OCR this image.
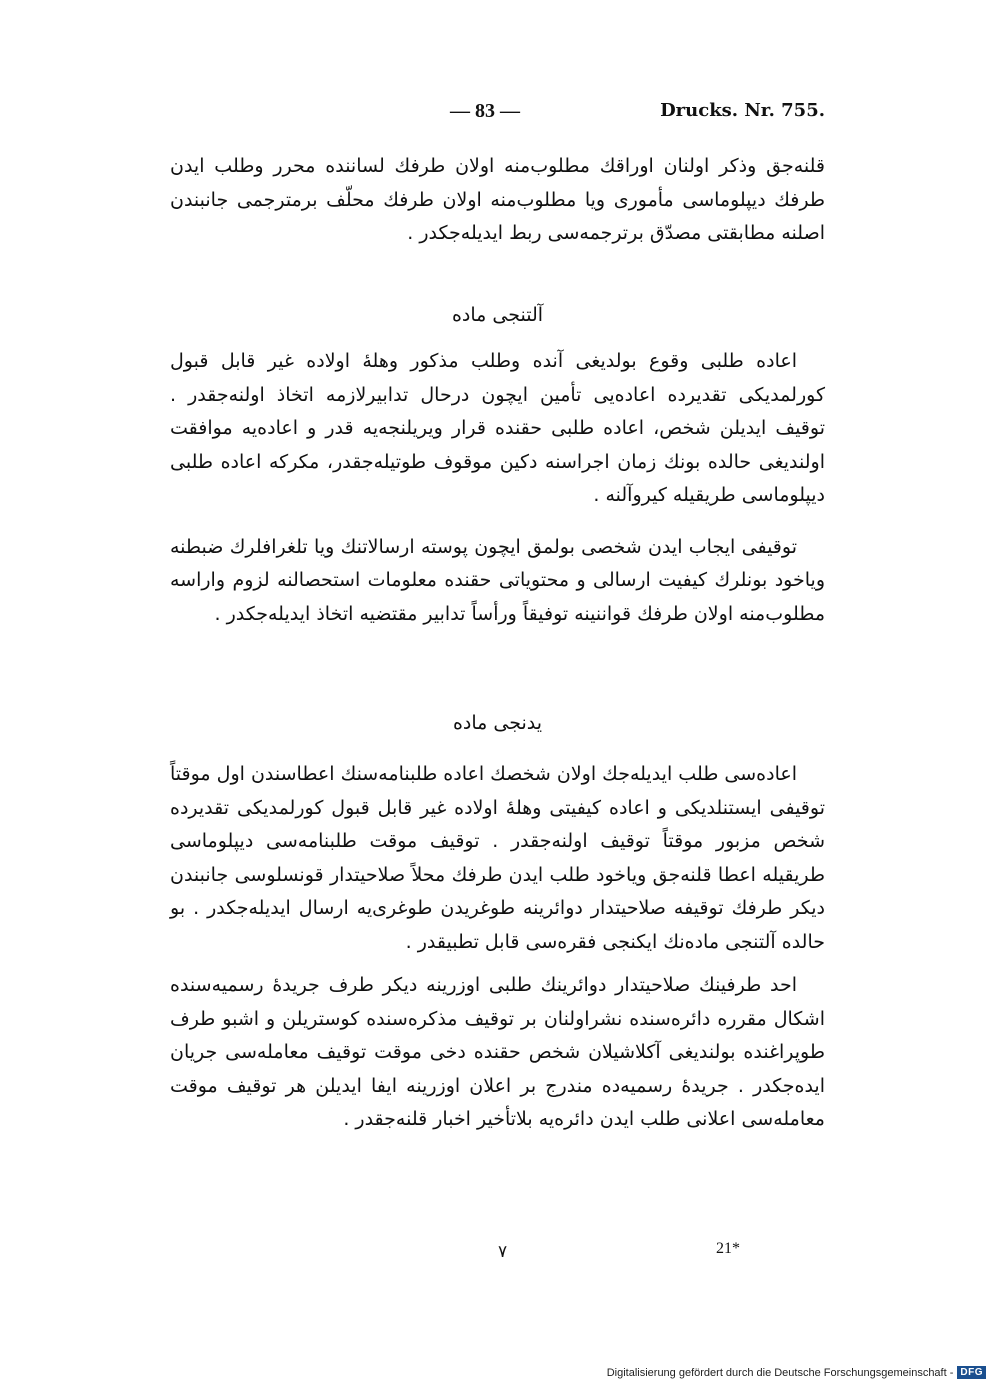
— 83 —	Drucks. Nr. 755.

قلنه‌جق وذکر اولنان اوراقك مطلوب‌منه اولان طرفك لساننده محرر وطلب ايدن طرفك ديپلوماسى مأمورى ويا مطلوب‌منه اولان طرفك محلّف برمترجمى جانبندن اصلنه مطابقتى مصدّق برترجمه‌سى ربط ايديله‌جكدر .

آلتنجى ماده

اعاده طلبى وقوع بولديغى آنده وطلب مذكور وهله‌ٔ اولاده غير قابل قبول كورلمديكى تقديرده اعاده‌يى تأمين ايچون درحال تدابيرلازمه اتخاذ اولنه‌جقدر . توقيف ايديلن شخص، اعاده طلبى حقنده قرار ويريلنجه‌يه قدر و اعاده‌يه موافقت اولنديغى حالده بونك زمان اجراسنه دكين موقوف طوتيله‌جقدر، مكركه اعاده طلبى ديپلوماسى طريقيله كيروآلنه .

توقيفى ايجاب ايدن شخصى بولمق ايچون پوسته ارسالاتنك ويا تلغرافلرك ضبطنه وياخود بونلرك كيفيت ارسالى و محتوياتى حقنده معلومات استحصالنه لزوم واراسه مطلوب‌منه اولان طرفك قواننينه توفيقاً ورأساً تدابير مقتضيه اتخاذ ايديله‌جكدر .

يدنجى ماده

اعاده‌سى طلب ايديله‌جك اولان شخصك اعاده طلبنامه‌سنك اعطاسندن اول موقتاً توقيفى ايستنلديكى و اعاده كيفيتى وهله‌ٔ اولاده غير قابل قبول كورلمديكى تقديرده شخص مزبور موقتاً توقيف اولنه‌جقدر . توقيف موقت طلبنامه‌سى ديپلوماسى طريقيله اعطا قلنه‌جق وياخود طلب ايدن طرفك محلاً صلاحيتدار قونسلوسى جانبندن ديكر طرفك توقيفه صلاحيتدار دوائرينه طوغريدن طوغرى‌يه ارسال ايديله‌جكدر . بو حالده آلتنجى ماده‌نك ايكنجى فقره‌سى قابل تطبيقدر .

احد طرفينك صلاحيتدار دوائرينك طلبى اوزرينه ديكر طرف جريده‌ٔ رسميه‌سنده اشكال مقرره دائره‌سنده نشراولنان بر توقيف مذكره‌سنده كوستريلن و اشبو طرف طوپراغنده بولنديغى آكلاشيلان شخص حقنده دخى موقت توقيف معامله‌سى جريان ايده‌جكدر . جريده‌ٔ رسميه‌ده مندرج بر اعلان اوزرينه ايفا ايديلن هر توقيف موقت معامله‌سى اعلانى طلب ايدن دائره‌يه بلاتأخير اخبار قلنه‌جقدر .

٧	21*
Digitalisierung gefördert durch die Deutsche Forschungsgemeinschaft - DFG
